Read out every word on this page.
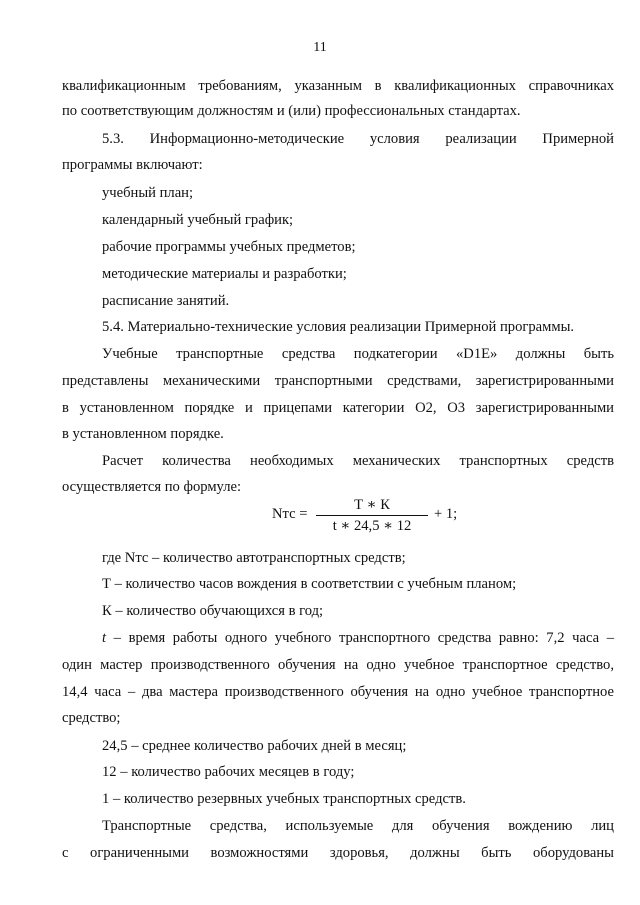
11
квалификационным требованиям, указанным в квалификационных справочниках
по соответствующим должностям и (или) профессиональных стандартах.
5.3. Информационно-методические условия реализации Примерной
программы включают:
учебный план;
календарный учебный график;
рабочие программы учебных предметов;
методические материалы и разработки;
расписание занятий.
5.4. Материально-технические условия реализации Примерной программы.
Учебные транспортные средства подкатегории «D1E» должны быть
представлены механическими транспортными средствами, зарегистрированными
в установленном порядке и прицепами категории О2, О3 зарегистрированными
в установленном порядке.
Расчет количества необходимых механических транспортных средств
осуществляется по формуле:
Nтс =
Т ∗ К
t ∗ 24,5 ∗ 12
+ 1;
где Nтс – количество автотранспортных средств;
Т – количество часов вождения в соответствии с учебным планом;
К – количество обучающихся в год;
t – время работы одного учебного транспортного средства равно: 7,2 часа –
один мастер производственного обучения на одно учебное транспортное средство,
14,4 часа – два мастера производственного обучения на одно учебное транспортное
средство;
24,5 – среднее количество рабочих дней в месяц;
12 – количество рабочих месяцев в году;
1 – количество резервных учебных транспортных средств.
Транспортные средства, используемые для обучения вождению лиц
с ограниченными возможностями здоровья, должны быть оборудованы
